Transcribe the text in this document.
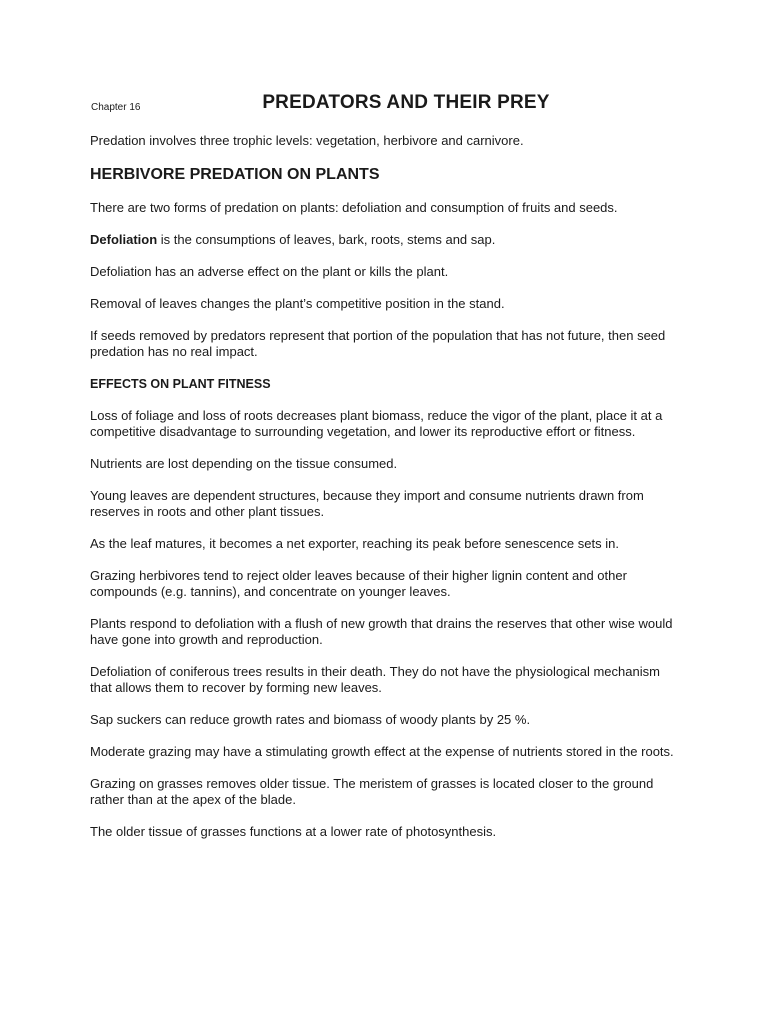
Chapter 16	PREDATORS AND THEIR PREY

Predation involves three trophic levels: vegetation, herbivore and carnivore.

HERBIVORE PREDATION ON PLANTS

There are two forms of predation on plants: defoliation and consumption of fruits and seeds.

Defoliation is the consumptions of leaves, bark, roots, stems and sap.

Defoliation has an adverse effect on the plant or kills the plant.

Removal of leaves changes the plant’s competitive position in the stand.

If seeds removed by predators represent that portion of the population that has not future, then seed predation has no real impact.

EFFECTS ON PLANT FITNESS

Loss of foliage and loss of roots decreases plant biomass, reduce the vigor of the plant, place it at a competitive disadvantage to surrounding vegetation, and lower its reproductive effort or fitness.

Nutrients are lost depending on the tissue consumed.

Young leaves are dependent structures, because they import and consume nutrients drawn from reserves in roots and other plant tissues.

As the leaf matures, it becomes a net exporter, reaching its peak before senescence sets in.

Grazing herbivores tend to reject older leaves because of their higher lignin content and other compounds (e.g. tannins), and concentrate on younger leaves.

Plants respond to defoliation with a flush of new growth that drains the reserves that other wise would have gone into growth and reproduction.

Defoliation of coniferous trees results in their death. They do not have the physiological mechanism that allows them to recover by forming new leaves.

Sap suckers can reduce growth rates and biomass of woody plants by 25 %.

Moderate grazing may have a stimulating growth effect at the expense of nutrients stored in the roots.

Grazing on grasses removes older tissue. The meristem of grasses is located closer to the ground rather than at the apex of the blade.

The older tissue of grasses functions at a lower rate of photosynthesis.
